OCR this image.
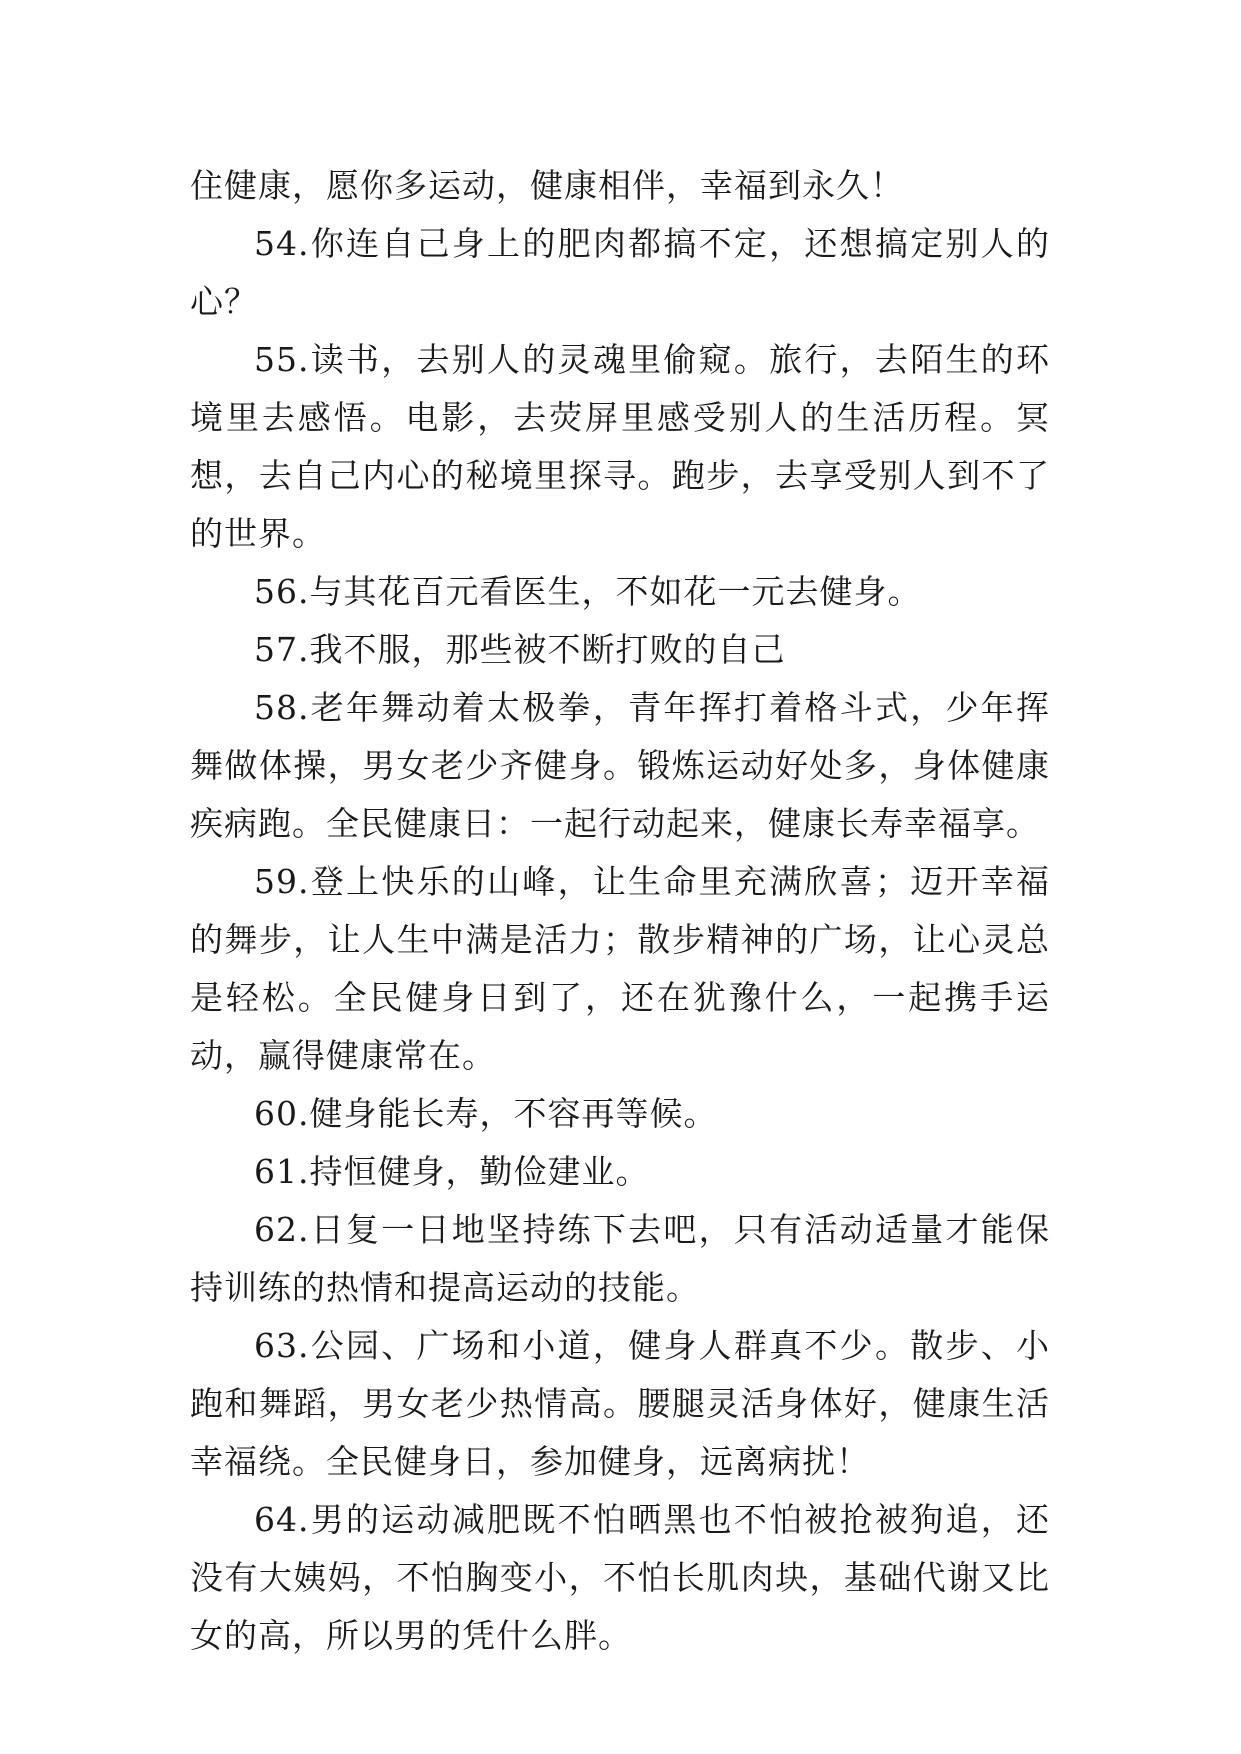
住健康，愿你多运动，健康相伴，幸福到永久！

54.你连自己身上的肥肉都搞不定，还想搞定别人的心？

55.读书，去别人的灵魂里偷窥。旅行，去陌生的环境里去感悟。电影，去荧屏里感受别人的生活历程。冥想，去自己内心的秘境里探寻。跑步，去享受别人到不了的世界。

56.与其花百元看医生，不如花一元去健身。

57.我不服，那些被不断打败的自己

58.老年舞动着太极拳，青年挥打着格斗式，少年挥舞做体操，男女老少齐健身。锻炼运动好处多，身体健康疾病跑。全民健康日：一起行动起来，健康长寿幸福享。

59.登上快乐的山峰，让生命里充满欣喜；迈开幸福的舞步，让人生中满是活力；散步精神的广场，让心灵总是轻松。全民健身日到了，还在犹豫什么，一起携手运动，赢得健康常在。

60.健身能长寿，不容再等候。

61.持恒健身，勤俭建业。

62.日复一日地坚持练下去吧，只有活动适量才能保持训练的热情和提高运动的技能。

63.公园、广场和小道，健身人群真不少。散步、小跑和舞蹈，男女老少热情高。腰腿灵活身体好，健康生活幸福绕。全民健身日，参加健身，远离病扰！

64.男的运动减肥既不怕晒黑也不怕被抢被狗追，还没有大姨妈，不怕胸变小，不怕长肌肉块，基础代谢又比女的高，所以男的凭什么胖。
